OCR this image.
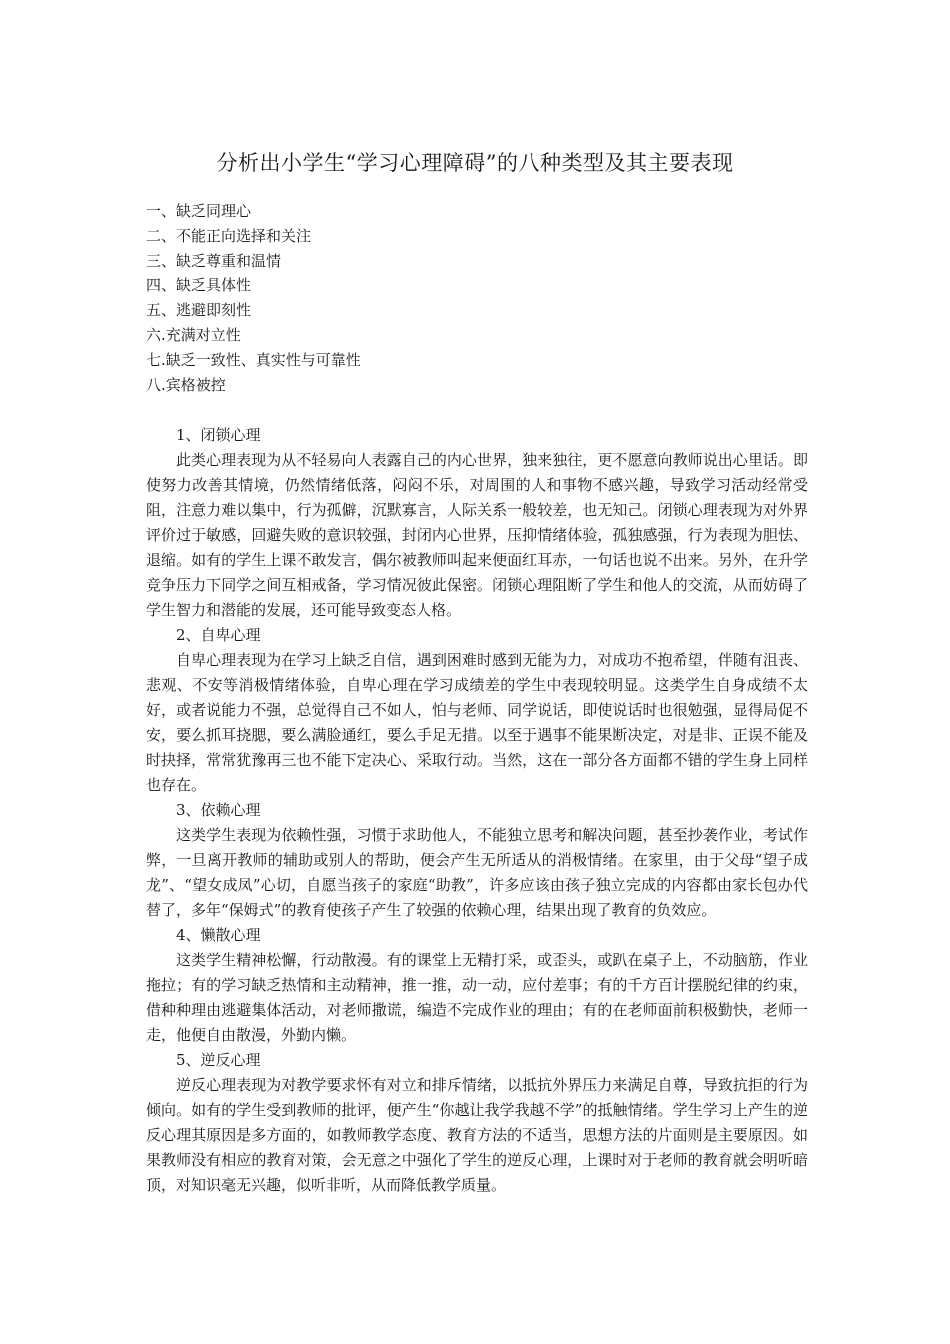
分析出小学生“学习心理障碍”的八种类型及其主要表现
一、缺乏同理心
二、不能正向选择和关注
三、缺乏尊重和温情
四、缺乏具体性
五、逃避即刻性
六.充满对立性
七.缺乏一致性、真实性与可靠性
八.宾格被控
1、闭锁心理

此类心理表现为从不轻易向人表露自己的内心世界，独来独往，更不愿意向教师说出心里话。即使努力改善其情境，仍然情绪低落，闷闷不乐，对周围的人和事物不感兴趣，导致学习活动经常受阻，注意力难以集中，行为孤僻，沉默寡言，人际关系一般较差，也无知己。闭锁心理表现为对外界评价过于敏感，回避失败的意识较强，封闭内心世界，压抑情绪体验，孤独感强，行为表现为胆怯、退缩。如有的学生上课不敢发言，偶尔被教师叫起来便面红耳赤，一句话也说不出来。另外，在升学竞争压力下同学之间互相戒备，学习情况彼此保密。闭锁心理阻断了学生和他人的交流，从而妨碍了学生智力和潜能的发展，还可能导致变态人格。

2、自卑心理

自卑心理表现为在学习上缺乏自信，遇到困难时感到无能为力，对成功不抱希望，伴随有沮丧、悲观、不安等消极情绪体验，自卑心理在学习成绩差的学生中表现较明显。这类学生自身成绩不太好，或者说能力不强，总觉得自己不如人，怕与老师、同学说话，即使说话时也很勉强，显得局促不安，要么抓耳挠腮，要么满脸通红，要么手足无措。以至于遇事不能果断决定，对是非、正误不能及时抉择，常常犹豫再三也不能下定决心、采取行动。当然，这在一部分各方面都不错的学生身上同样也存在。

3、依赖心理

这类学生表现为依赖性强，习惯于求助他人，不能独立思考和解决问题，甚至抄袭作业，考试作弊，一旦离开教师的辅助或别人的帮助，便会产生无所适从的消极情绪。在家里，由于父母“望子成龙”、“望女成凤”心切，自愿当孩子的家庭“助教”，许多应该由孩子独立完成的内容都由家长包办代替了，多年“保姆式”的教育使孩子产生了较强的依赖心理，结果出现了教育的负效应。

4、懒散心理

这类学生精神松懈，行动散漫。有的课堂上无精打采，或歪头，或趴在桌子上，不动脑筋，作业拖拉；有的学习缺乏热情和主动精神，推一推，动一动，应付差事；有的千方百计摆脱纪律的约束，借种种理由逃避集体活动，对老师撒谎，编造不完成作业的理由；有的在老师面前积极勤快，老师一走，他便自由散漫，外勤内懒。

5、逆反心理

逆反心理表现为对教学要求怀有对立和排斥情绪，以抵抗外界压力来满足自尊，导致抗拒的行为倾向。如有的学生受到教师的批评，便产生“你越让我学我越不学”的抵触情绪。学生学习上产生的逆反心理其原因是多方面的，如教师教学态度、教育方法的不适当，思想方法的片面则是主要原因。如果教师没有相应的教育对策，会无意之中强化了学生的逆反心理，上课时对于老师的教育就会明听暗顶，对知识毫无兴趣，似听非听，从而降低教学质量。
